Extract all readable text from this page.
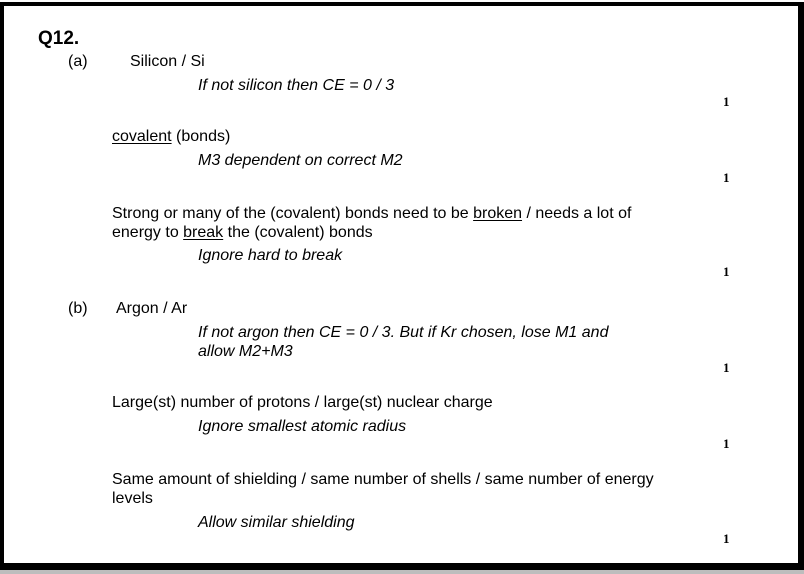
Q12.
(a)	Silicon / Si
If not silicon then CE = 0 / 3
1
covalent (bonds)
M3 dependent on correct M2
1
Strong or many of the (covalent) bonds need to be broken / needs a lot of
energy to break the (covalent) bonds
Ignore hard to break
1
(b) Argon / Ar
If not argon then CE = 0 / 3. But if Kr chosen, lose M1 and
allow M2+M3
1
Large(st) number of protons / large(st) nuclear charge
Ignore smallest atomic radius
1
Same amount of shielding / same number of shells / same number of energy
levels
Allow similar shielding
1
